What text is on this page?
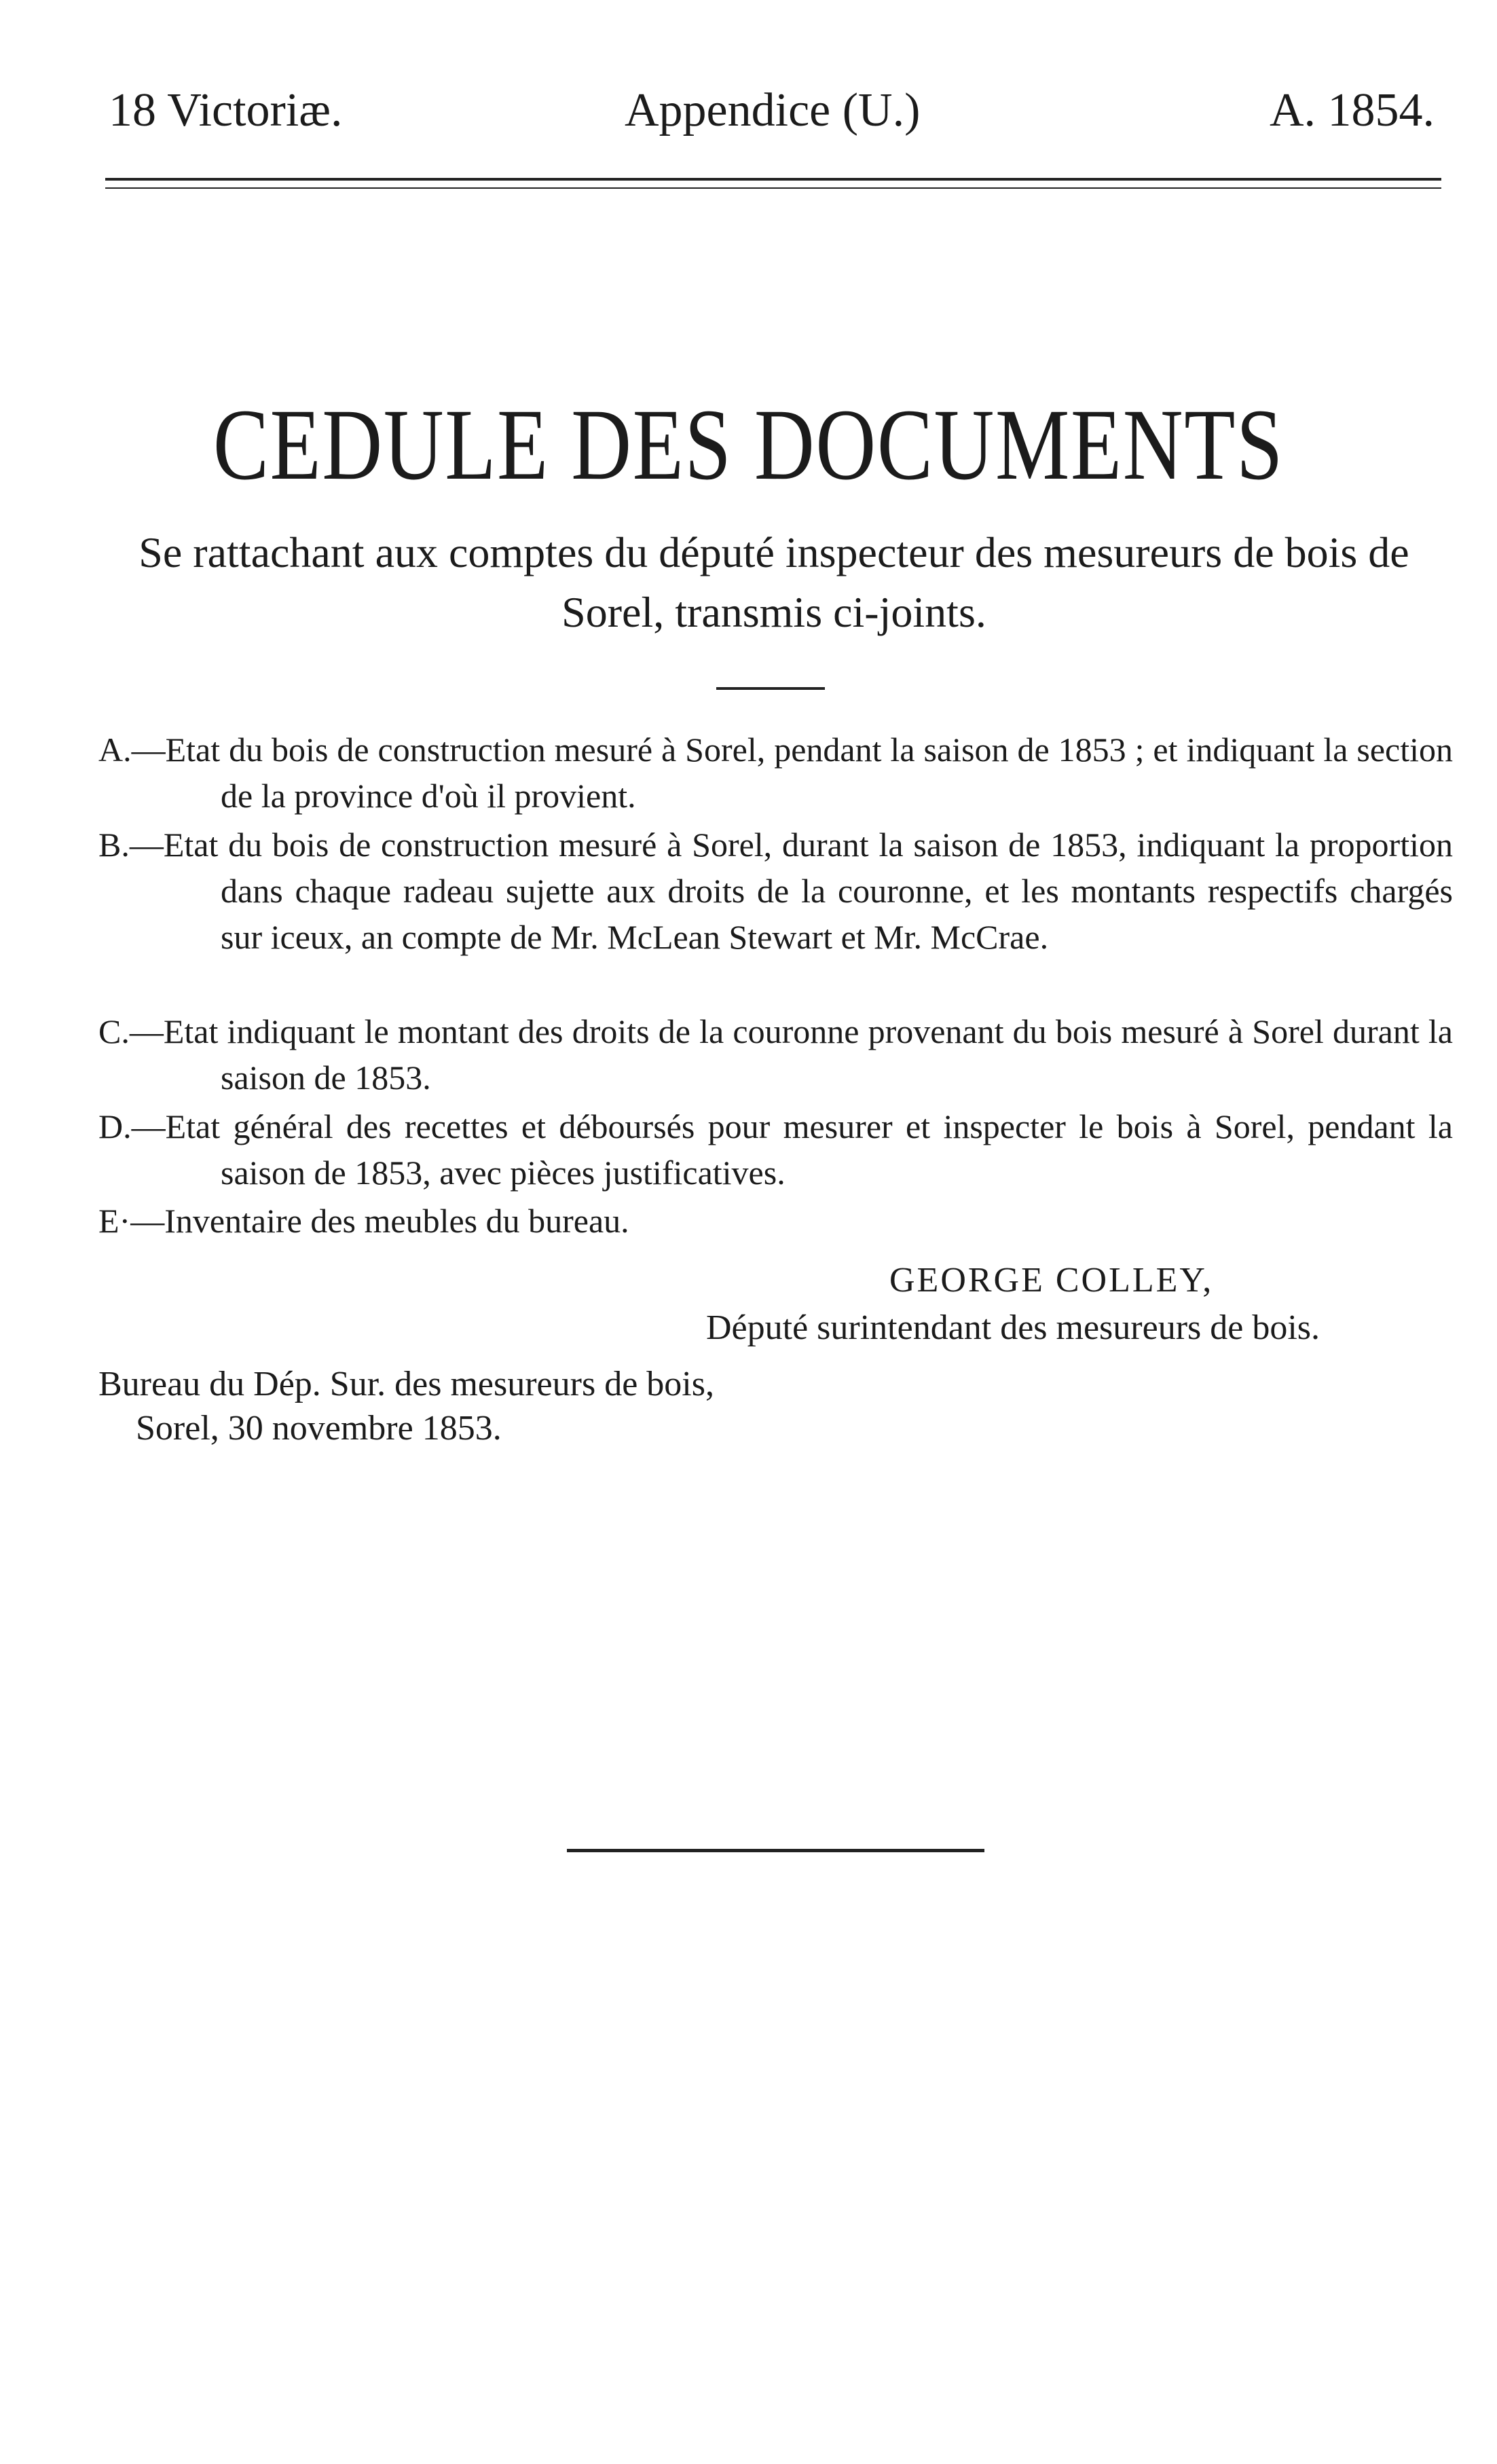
18 Victoriæ.	Appendice (U.)	A. 1854.
CEDULE DES DOCUMENTS
Se rattachant aux comptes du député inspecteur des mesureurs de bois de Sorel, transmis ci-joints.
A.—Etat du bois de construction mesuré à Sorel, pendant la saison de 1853 ; et indiquant la section de la province d'où il provient.
B.—Etat du bois de construction mesuré à Sorel, durant la saison de 1853, indiquant la proportion dans chaque radeau sujette aux droits de la couronne, et les montants respectifs chargés sur iceux, an compte de Mr. McLean Stewart et Mr. McCrae.
C.—Etat indiquant le montant des droits de la couronne provenant du bois mesuré à Sorel durant la saison de 1853.
D.—Etat général des recettes et déboursés pour mesurer et inspecter le bois à Sorel, pendant la saison de 1853, avec pièces justificatives.
E·—Inventaire des meubles du bureau.
GEORGE COLLEY,
Député surintendant des mesureurs de bois.
Bureau du Dép. Sur. des mesureurs de bois,
Sorel, 30 novembre 1853.
